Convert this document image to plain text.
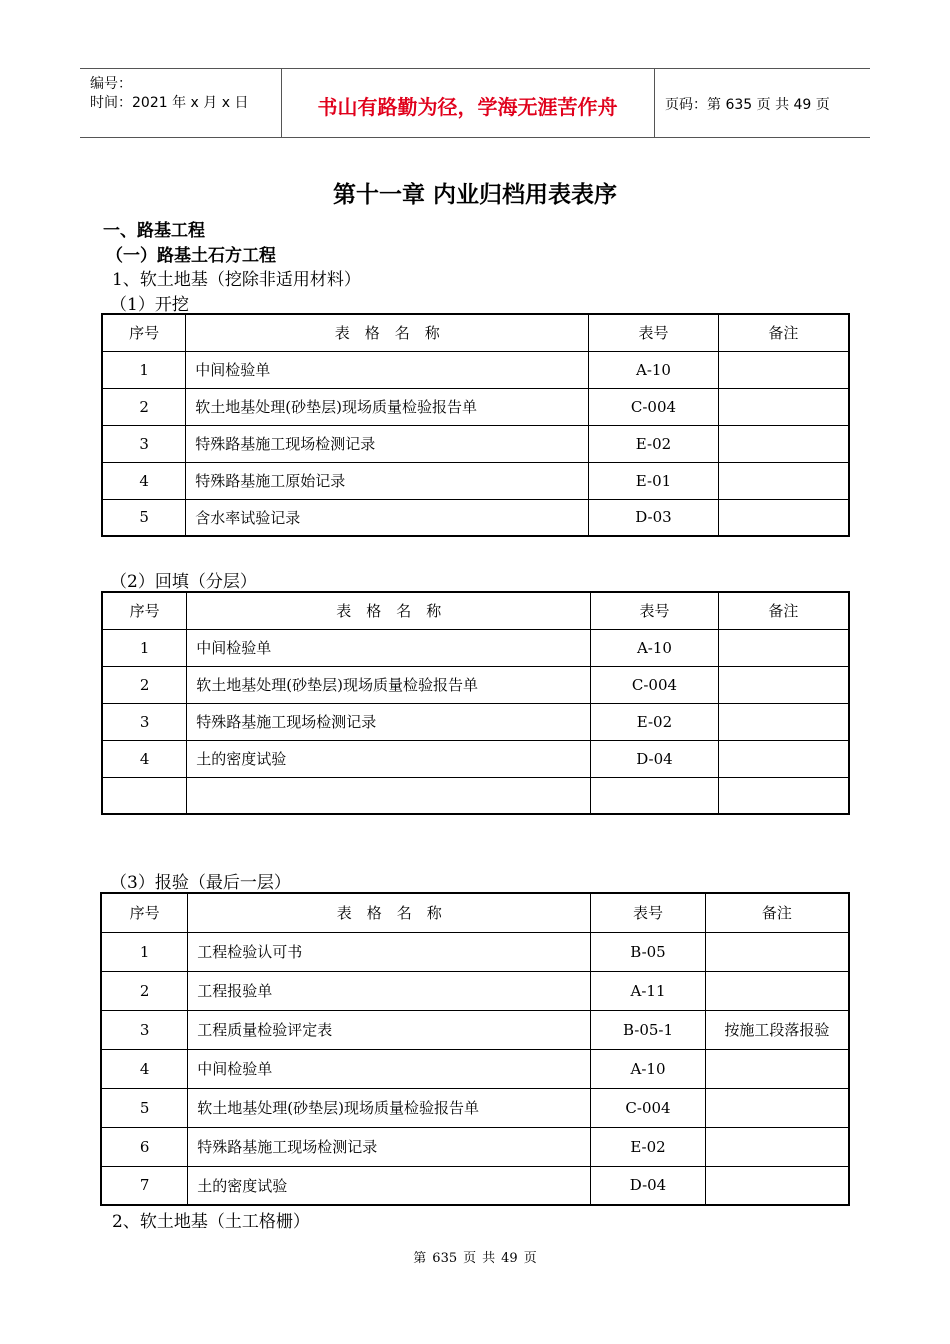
编号：
时间：2021 年 x 月 x 日	书山有路勤为径，学海无涯苦作舟	页码：第 635 页 共 49 页
第十一章 内业归档用表表序
一、路基工程
（一）路基土石方工程
1、软土地基（挖除非适用材料）
（1）开挖
序号	表　格　名　称	表号	备注
1	中间检验单	A-10	
2	软土地基处理(砂垫层)现场质量检验报告单	C-004	
3	特殊路基施工现场检测记录	E-02	
4	特殊路基施工原始记录	E-01	
5	含水率试验记录	D-03	
（2）回填（分层）
序号	表　格　名　称	表号	备注
1	中间检验单	A-10	
2	软土地基处理(砂垫层)现场质量检验报告单	C-004	
3	特殊路基施工现场检测记录	E-02	
4	土的密度试验	D-04	

（3）报验（最后一层）
序号	表　格　名　称	表号	备注
1	工程检验认可书	B-05	
2	工程报验单	A-11	
3	工程质量检验评定表	B-05-1	按施工段落报验
4	中间检验单	A-10	
5	软土地基处理(砂垫层)现场质量检验报告单	C-004	
6	特殊路基施工现场检测记录	E-02	
7	土的密度试验	D-04	
2、软土地基（土工格栅）
第 635 页 共 49 页
